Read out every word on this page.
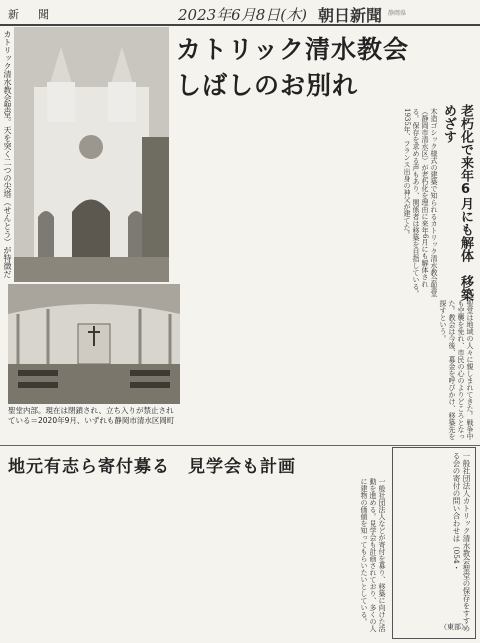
新　聞	2023年6月8日(木) 朝日新聞 静岡県
カトリック清水教会聖堂。天を突く二つの尖塔（せんとう）が特徴だ	カトリック清水教会
しばしのお別れ
老朽化で来年6月にも解体　移築めざす
木造ゴシック様式の建築で知られるカトリック清水教会聖堂（静岡市清水区）が老朽化を理由に来年6月にも解体される。保存を求める声もあり、関係者は移築を目指している。1935年、フランス出身の神父が建てた。
聖堂は地域の人々に親しまれてきた。戦争中も空襲を免れ、市民の心のよりどころとなった。教会は今後、募金を呼びかけ、移築先を探すという。
聖堂内部。現在は閉鎖され、立ち入りが禁止されている＝2020年9月、いずれも静岡市清水区岡町
地元有志ら寄付募る　見学会も計画
一般社団法人などが寄付を募り、移築に向けた活動を進める。見学会も計画されており、多くの人に建物の価値を知ってもらいたいとしている。	一般社団法人カトリック清水教会聖堂の保存をすすめる会の寄付の問い合わせは（054・
（東部）
